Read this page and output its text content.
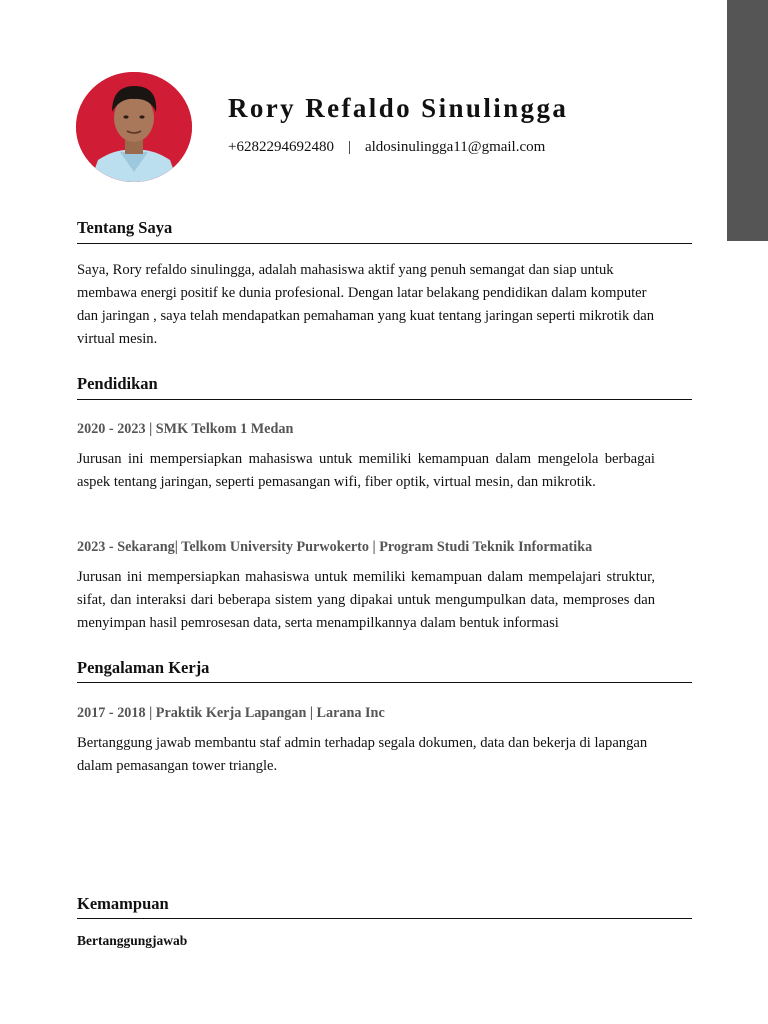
Rory Refaldo Sinulingga
+6282294692480 | aldosinulingga11@gmail.com
Tentang Saya

Saya, Rory refaldo sinulingga, adalah mahasiswa aktif yang penuh semangat dan siap untuk membawa energi positif ke dunia profesional. Dengan latar belakang pendidikan dalam komputer dan jaringan , saya telah mendapatkan pemahaman yang kuat tentang jaringan seperti mikrotik dan virtual mesin.

Pendidikan
2020 - 2023 | SMK Telkom 1 Medan

Jurusan ini mempersiapkan mahasiswa untuk memiliki kemampuan dalam mengelola berbagai aspek tentang jaringan, seperti pemasangan wifi, fiber optik, virtual mesin, dan mikrotik.

2023 - Sekarang| Telkom University Purwokerto | Program Studi Teknik Informatika

Jurusan ini mempersiapkan mahasiswa untuk memiliki kemampuan dalam mempelajari struktur, sifat, dan interaksi dari beberapa sistem yang dipakai untuk mengumpulkan data, memproses dan menyimpan hasil pemrosesan data, serta menampilkannya dalam bentuk informasi

Pengalaman Kerja
2017 - 2018 | Praktik Kerja Lapangan | Larana Inc

Bertanggung jawab membantu staf admin terhadap segala dokumen, data dan bekerja di lapangan dalam pemasangan tower triangle.

Kemampuan
Bertanggungjawab
